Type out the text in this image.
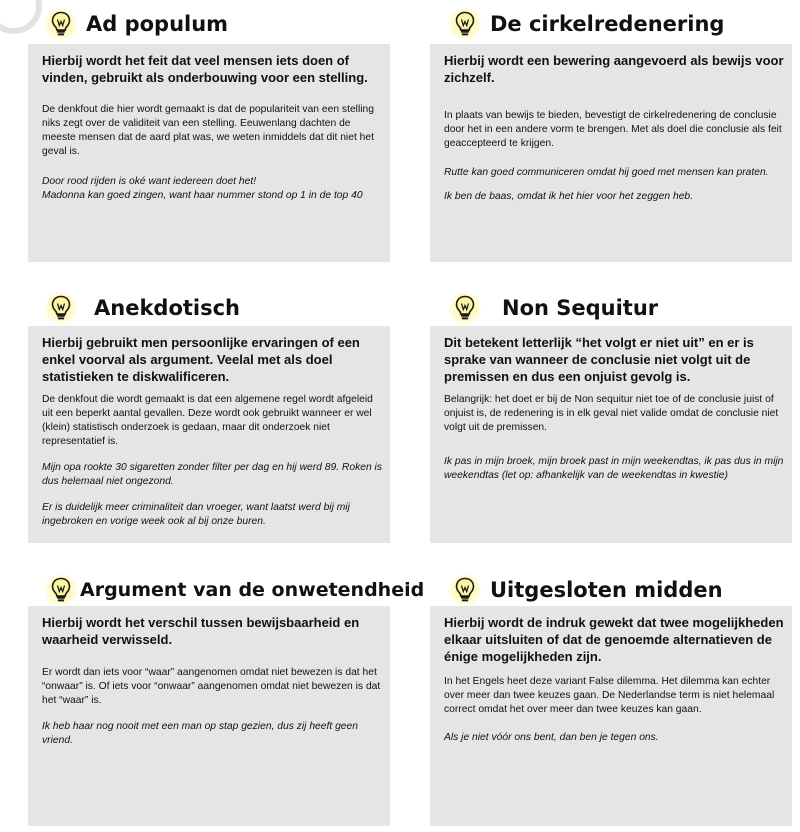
Ad populum

Hierbij wordt het feit dat veel mensen iets doen of vinden, gebruikt als onderbouwing voor een stelling.

De denkfout die hier wordt gemaakt is dat de populariteit van een stelling niks zegt over de validiteit van een stelling. Eeuwenlang dachten de meeste mensen dat de aard plat was, we weten inmiddels dat dit niet het geval is.

Door rood rijden is oké want iedereen doet het!
Madonna kan goed zingen, want haar nummer stond op 1 in de top 40

De cirkelredenering

Hierbij wordt een bewering aangevoerd als bewijs voor zichzelf.

In plaats van bewijs te bieden, bevestigt de cirkelredenering de conclusie door het in een andere vorm te brengen. Met als doel die conclusie als feit geaccepteerd te krijgen.

Rutte kan goed communiceren omdat hij goed met mensen kan praten.

Ik ben de baas, omdat ik het hier voor het zeggen heb.

Anekdotisch

Hierbij gebruikt men persoonlijke ervaringen of een enkel voorval als argument. Veelal met als doel statistieken te diskwalificeren.

De denkfout die wordt gemaakt is dat een algemene regel wordt afgeleid uit een beperkt aantal gevallen. Deze wordt ook gebruikt wanneer er wel (klein) statistisch onderzoek is gedaan, maar dit onderzoek niet representatief is.

Mijn opa rookte 30 sigaretten zonder filter per dag en hij werd 89. Roken is dus helemaal niet ongezond.

Er is duidelijk meer criminaliteit dan vroeger, want laatst werd bij mij ingebroken en vorige week ook al bij onze buren.

Non Sequitur

Dit betekent letterlijk “het volgt er niet uit” en er is sprake van wanneer de conclusie niet volgt uit de premissen en dus een onjuist gevolg is.

Belangrijk: het doet er bij de Non sequitur niet toe of de conclusie juist of onjuist is, de redenering is in elk geval niet valide omdat de conclusie niet volgt uit de premissen.

Ik pas in mijn broek, mijn broek past in mijn weekendtas, ik pas dus in mijn weekendtas (let op: afhankelijk van de weekendtas in kwestie)

Argument van de onwetendheid

Hierbij wordt het verschil tussen bewijsbaarheid en waarheid verwisseld.

Er wordt dan iets voor “waar” aangenomen omdat niet bewezen is dat het “onwaar” is. Of iets voor “onwaar” aangenomen omdat niet bewezen is dat het “waar” is.

Ik heb haar nog nooit met een man op stap gezien, dus zij heeft geen vriend.

Uitgesloten midden

Hierbij wordt de indruk gewekt dat twee mogelijkheden elkaar uitsluiten of dat de genoemde alternatieven de énige mogelijkheden zijn.

In het Engels heet deze variant False dilemma. Het dilemma kan echter over meer dan twee keuzes gaan. De Nederlandse term is niet helemaal correct omdat het over meer dan twee keuzes kan gaan.

Als je niet vóór ons bent, dan ben je tegen ons.
